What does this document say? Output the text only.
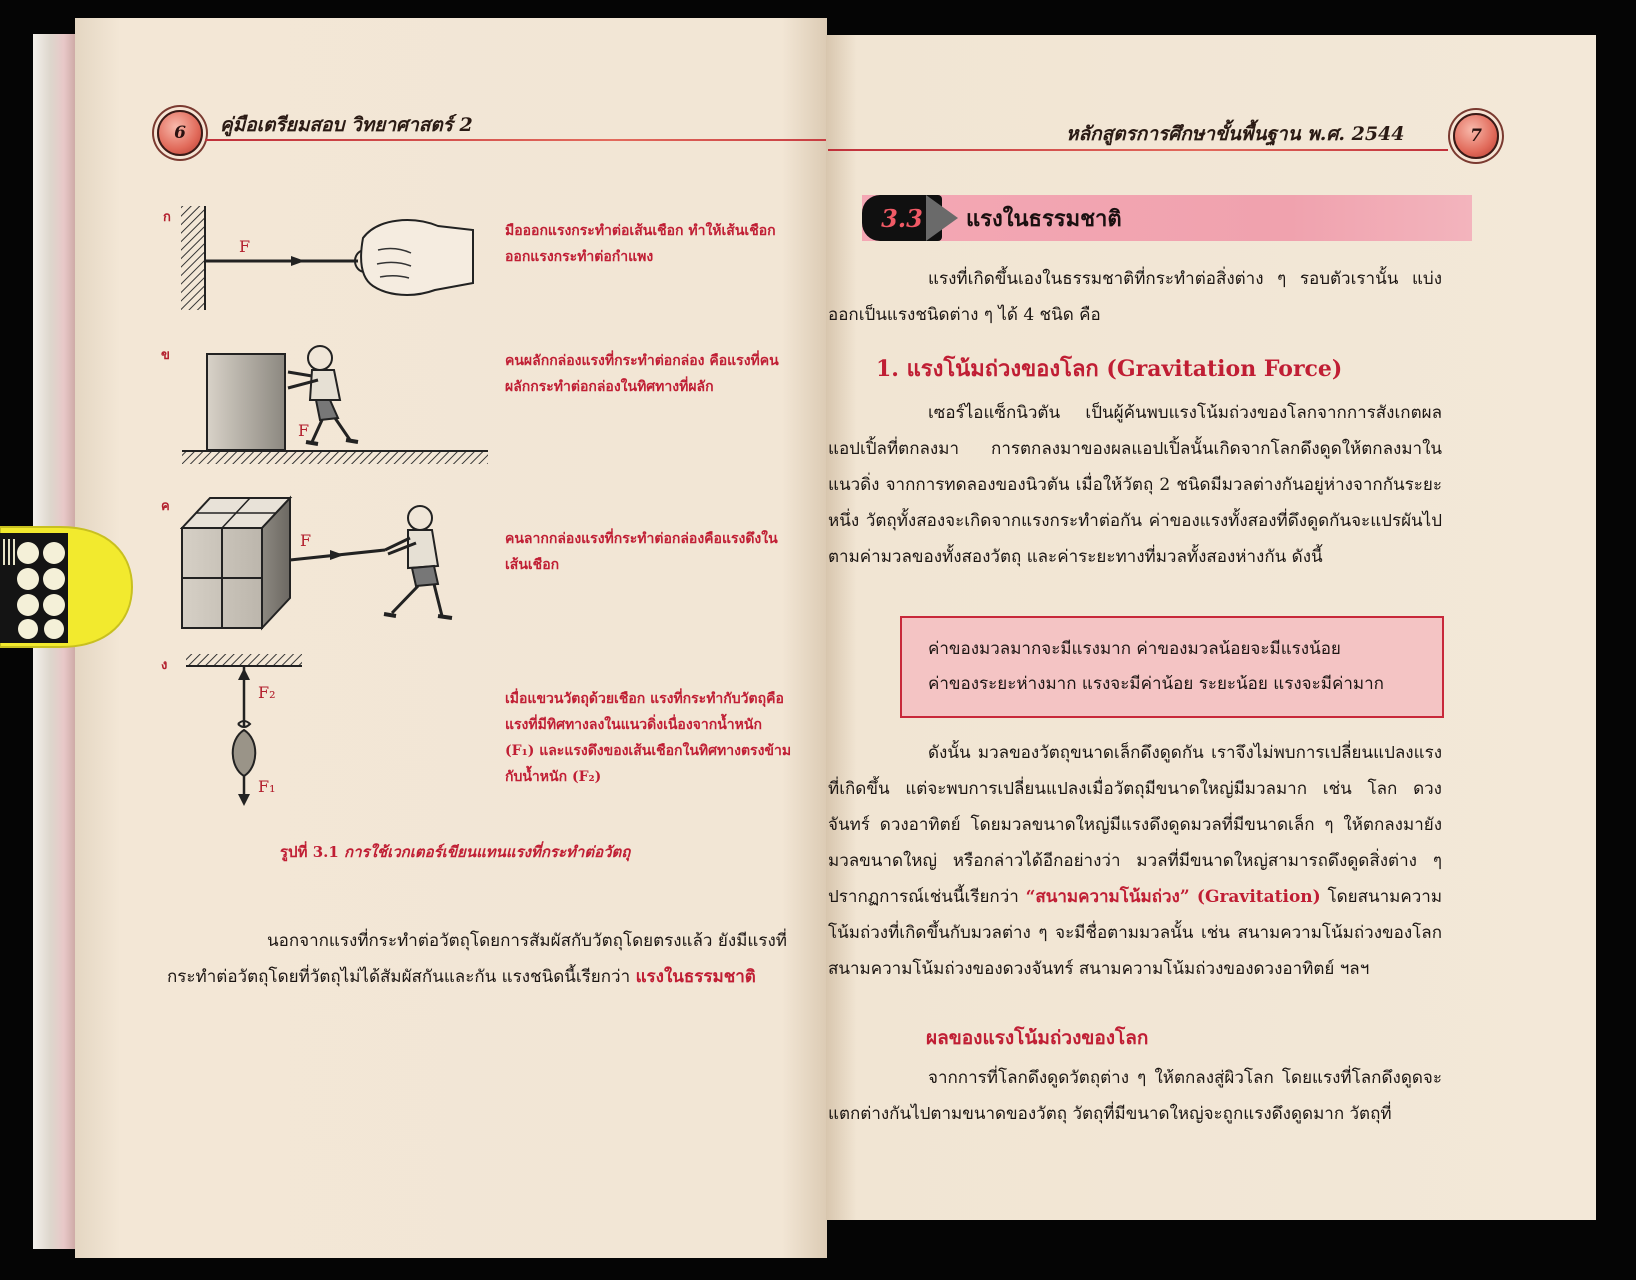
6	คู่มือเตรียมสอบ วิทยาศาสตร์ 2
ก
F
มือออกแรงกระทำต่อเส้นเชือก ทำให้เส้นเชือกออกแรงกระทำต่อกำแพง
ข
F
คนผลักกล่องแรงที่กระทำต่อกล่อง คือแรงที่คนผลักกระทำต่อกล่องในทิศทางที่ผลัก
ค
F	คนลากกล่องแรงที่กระทำต่อกล่องคือแรงดึงในเส้นเชือก
ง
F₂
F₁
เมื่อแขวนวัตถุด้วยเชือก แรงที่กระทำกับวัตถุคือแรงที่มีทิศทางลงในแนวดิ่งเนื่องจากน้ำหนัก (F₁) และแรงดึงของเส้นเชือกในทิศทางตรงข้ามกับน้ำหนัก (F₂)
รูปที่ 3.1 การใช้เวกเตอร์เขียนแทนแรงที่กระทำต่อวัตถุ
นอกจากแรงที่กระทำต่อวัตถุโดยการสัมผัสกับวัตถุโดยตรงแล้ว ยังมีแรงที่กระทำต่อวัตถุโดยที่วัตถุไม่ได้สัมผัสกันและกัน แรงชนิดนี้เรียกว่า แรงในธรรมชาติ
หลักสูตรการศึกษาขั้นพื้นฐาน พ.ศ. 2544	7
3.3 แรงในธรรมชาติ
แรงที่เกิดขึ้นเองในธรรมชาติที่กระทำต่อสิ่งต่าง ๆ รอบตัวเรานั้น แบ่งออกเป็นแรงชนิดต่าง ๆ ได้ 4 ชนิด คือ
1. แรงโน้มถ่วงของโลก (Gravitation Force)
เซอร์ไอแซ็กนิวตัน เป็นผู้ค้นพบแรงโน้มถ่วงของโลกจากการสังเกตผลแอปเปิ้ลที่ตกลงมา การตกลงมาของผลแอปเปิ้ลนั้นเกิดจากโลกดึงดูดให้ตกลงมาในแนวดิ่ง จากการทดลองของนิวตัน เมื่อให้วัตถุ 2 ชนิดมีมวลต่างกันอยู่ห่างจากกันระยะหนึ่ง วัตถุทั้งสองจะเกิดจากแรงกระทำต่อกัน ค่าของแรงทั้งสองที่ดึงดูดกันจะแปรผันไปตามค่ามวลของทั้งสองวัตถุ และค่าระยะทางที่มวลทั้งสองห่างกัน ดังนี้
ค่าของมวลมากจะมีแรงมาก ค่าของมวลน้อยจะมีแรงน้อย
ค่าของระยะห่างมาก แรงจะมีค่าน้อย ระยะน้อย แรงจะมีค่ามาก
ดังนั้น มวลของวัตถุขนาดเล็กดึงดูดกัน เราจึงไม่พบการเปลี่ยนแปลงแรงที่เกิดขึ้น แต่จะพบการเปลี่ยนแปลงเมื่อวัตถุมีขนาดใหญ่มีมวลมาก เช่น โลก ดวงจันทร์ ดวงอาทิตย์ โดยมวลขนาดใหญ่มีแรงดึงดูดมวลที่มีขนาดเล็ก ๆ ให้ตกลงมายังมวลขนาดใหญ่ หรือกล่าวได้อีกอย่างว่า มวลที่มีขนาดใหญ่สามารถดึงดูดสิ่งต่าง ๆ ปรากฏการณ์เช่นนี้เรียกว่า “สนามความโน้มถ่วง” (Gravitation) โดยสนามความโน้มถ่วงที่เกิดขึ้นกับมวลต่าง ๆ จะมีชื่อตามมวลนั้น เช่น สนามความโน้มถ่วงของโลก สนามความโน้มถ่วงของดวงจันทร์ สนามความโน้มถ่วงของดวงอาทิตย์ ฯลฯ
ผลของแรงโน้มถ่วงของโลก
จากการที่โลกดึงดูดวัตถุต่าง ๆ ให้ตกลงสู่ผิวโลก โดยแรงที่โลกดึงดูดจะแตกต่างกันไปตามขนาดของวัตถุ วัตถุที่มีขนาดใหญ่จะถูกแรงดึงดูดมาก วัตถุที่
